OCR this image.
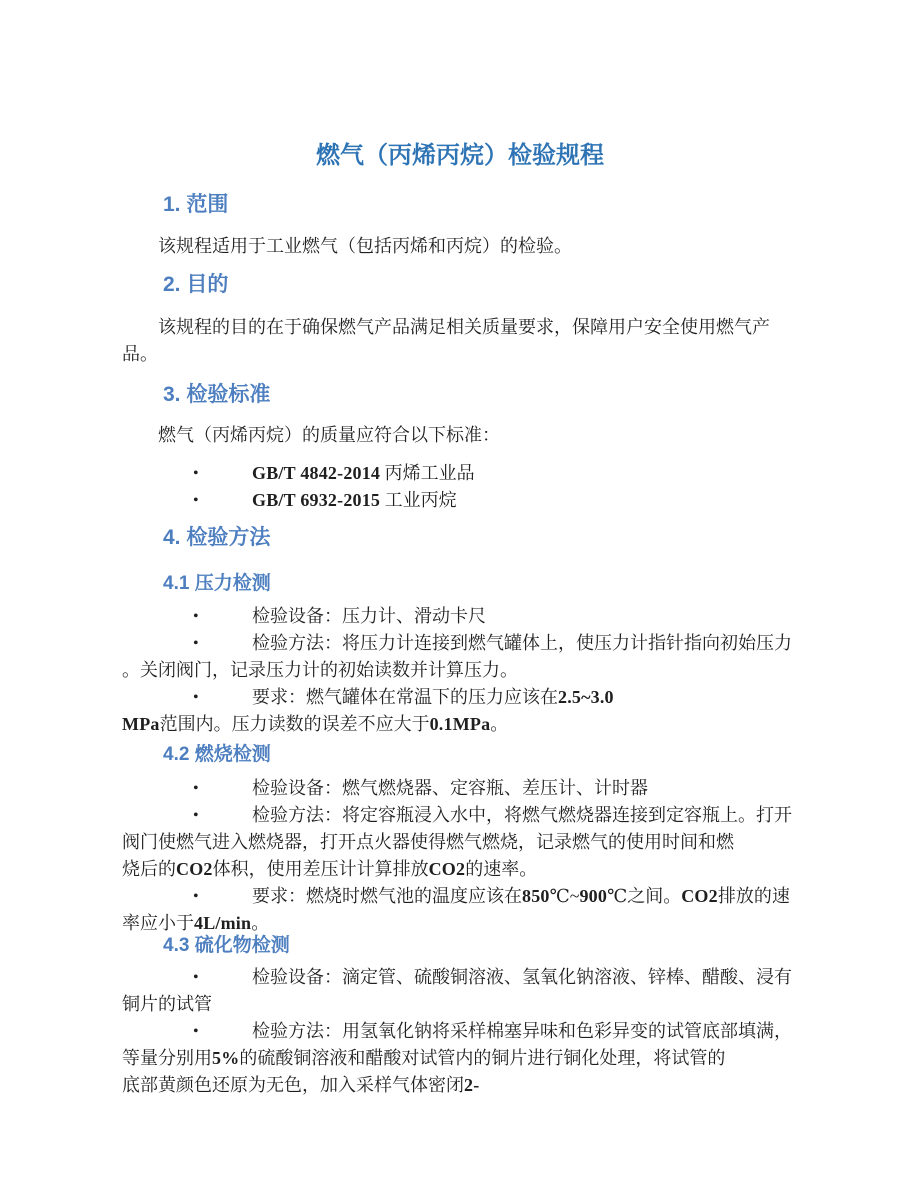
燃气（丙烯丙烷）检验规程
1. 范围
该规程适用于工业燃气（包括丙烯和丙烷）的检验。
2. 目的
该规程的目的在于确保燃气产品满足相关质量要求，保障用户安全使用燃气产
品。
3. 检验标准
燃气（丙烯丙烷）的质量应符合以下标准：
•	GB/T 4842-2014 丙烯工业品
•	GB/T 6932-2015 工业丙烷
4. 检验方法
4.1 压力检测
•	检验设备：压力计、滑动卡尺
•	检验方法：将压力计连接到燃气罐体上，使压力计指针指向初始压力
。关闭阀门，记录压力计的初始读数并计算压力。
•	要求：燃气罐体在常温下的压力应该在2.5~3.0
MPa范围内。压力读数的误差不应大于0.1MPa。
4.2 燃烧检测
•	检验设备：燃气燃烧器、定容瓶、差压计、计时器
•	检验方法：将定容瓶浸入水中，将燃气燃烧器连接到定容瓶上。打开
阀门使燃气进入燃烧器，打开点火器使得燃气燃烧，记录燃气的使用时间和燃
烧后的CO2体积，使用差压计计算排放CO2的速率。
•	要求：燃烧时燃气池的温度应该在850℃~900℃之间。CO2排放的速
率应小于4L/min。
4.3 硫化物检测
•	检验设备：滴定管、硫酸铜溶液、氢氧化钠溶液、锌棒、醋酸、浸有
铜片的试管
•	检验方法：用氢氧化钠将采样棉塞异味和色彩异变的试管底部填满，
等量分别用5%的硫酸铜溶液和醋酸对试管内的铜片进行铜化处理，将试管的
底部黄颜色还原为无色，加入采样气体密闭2-
